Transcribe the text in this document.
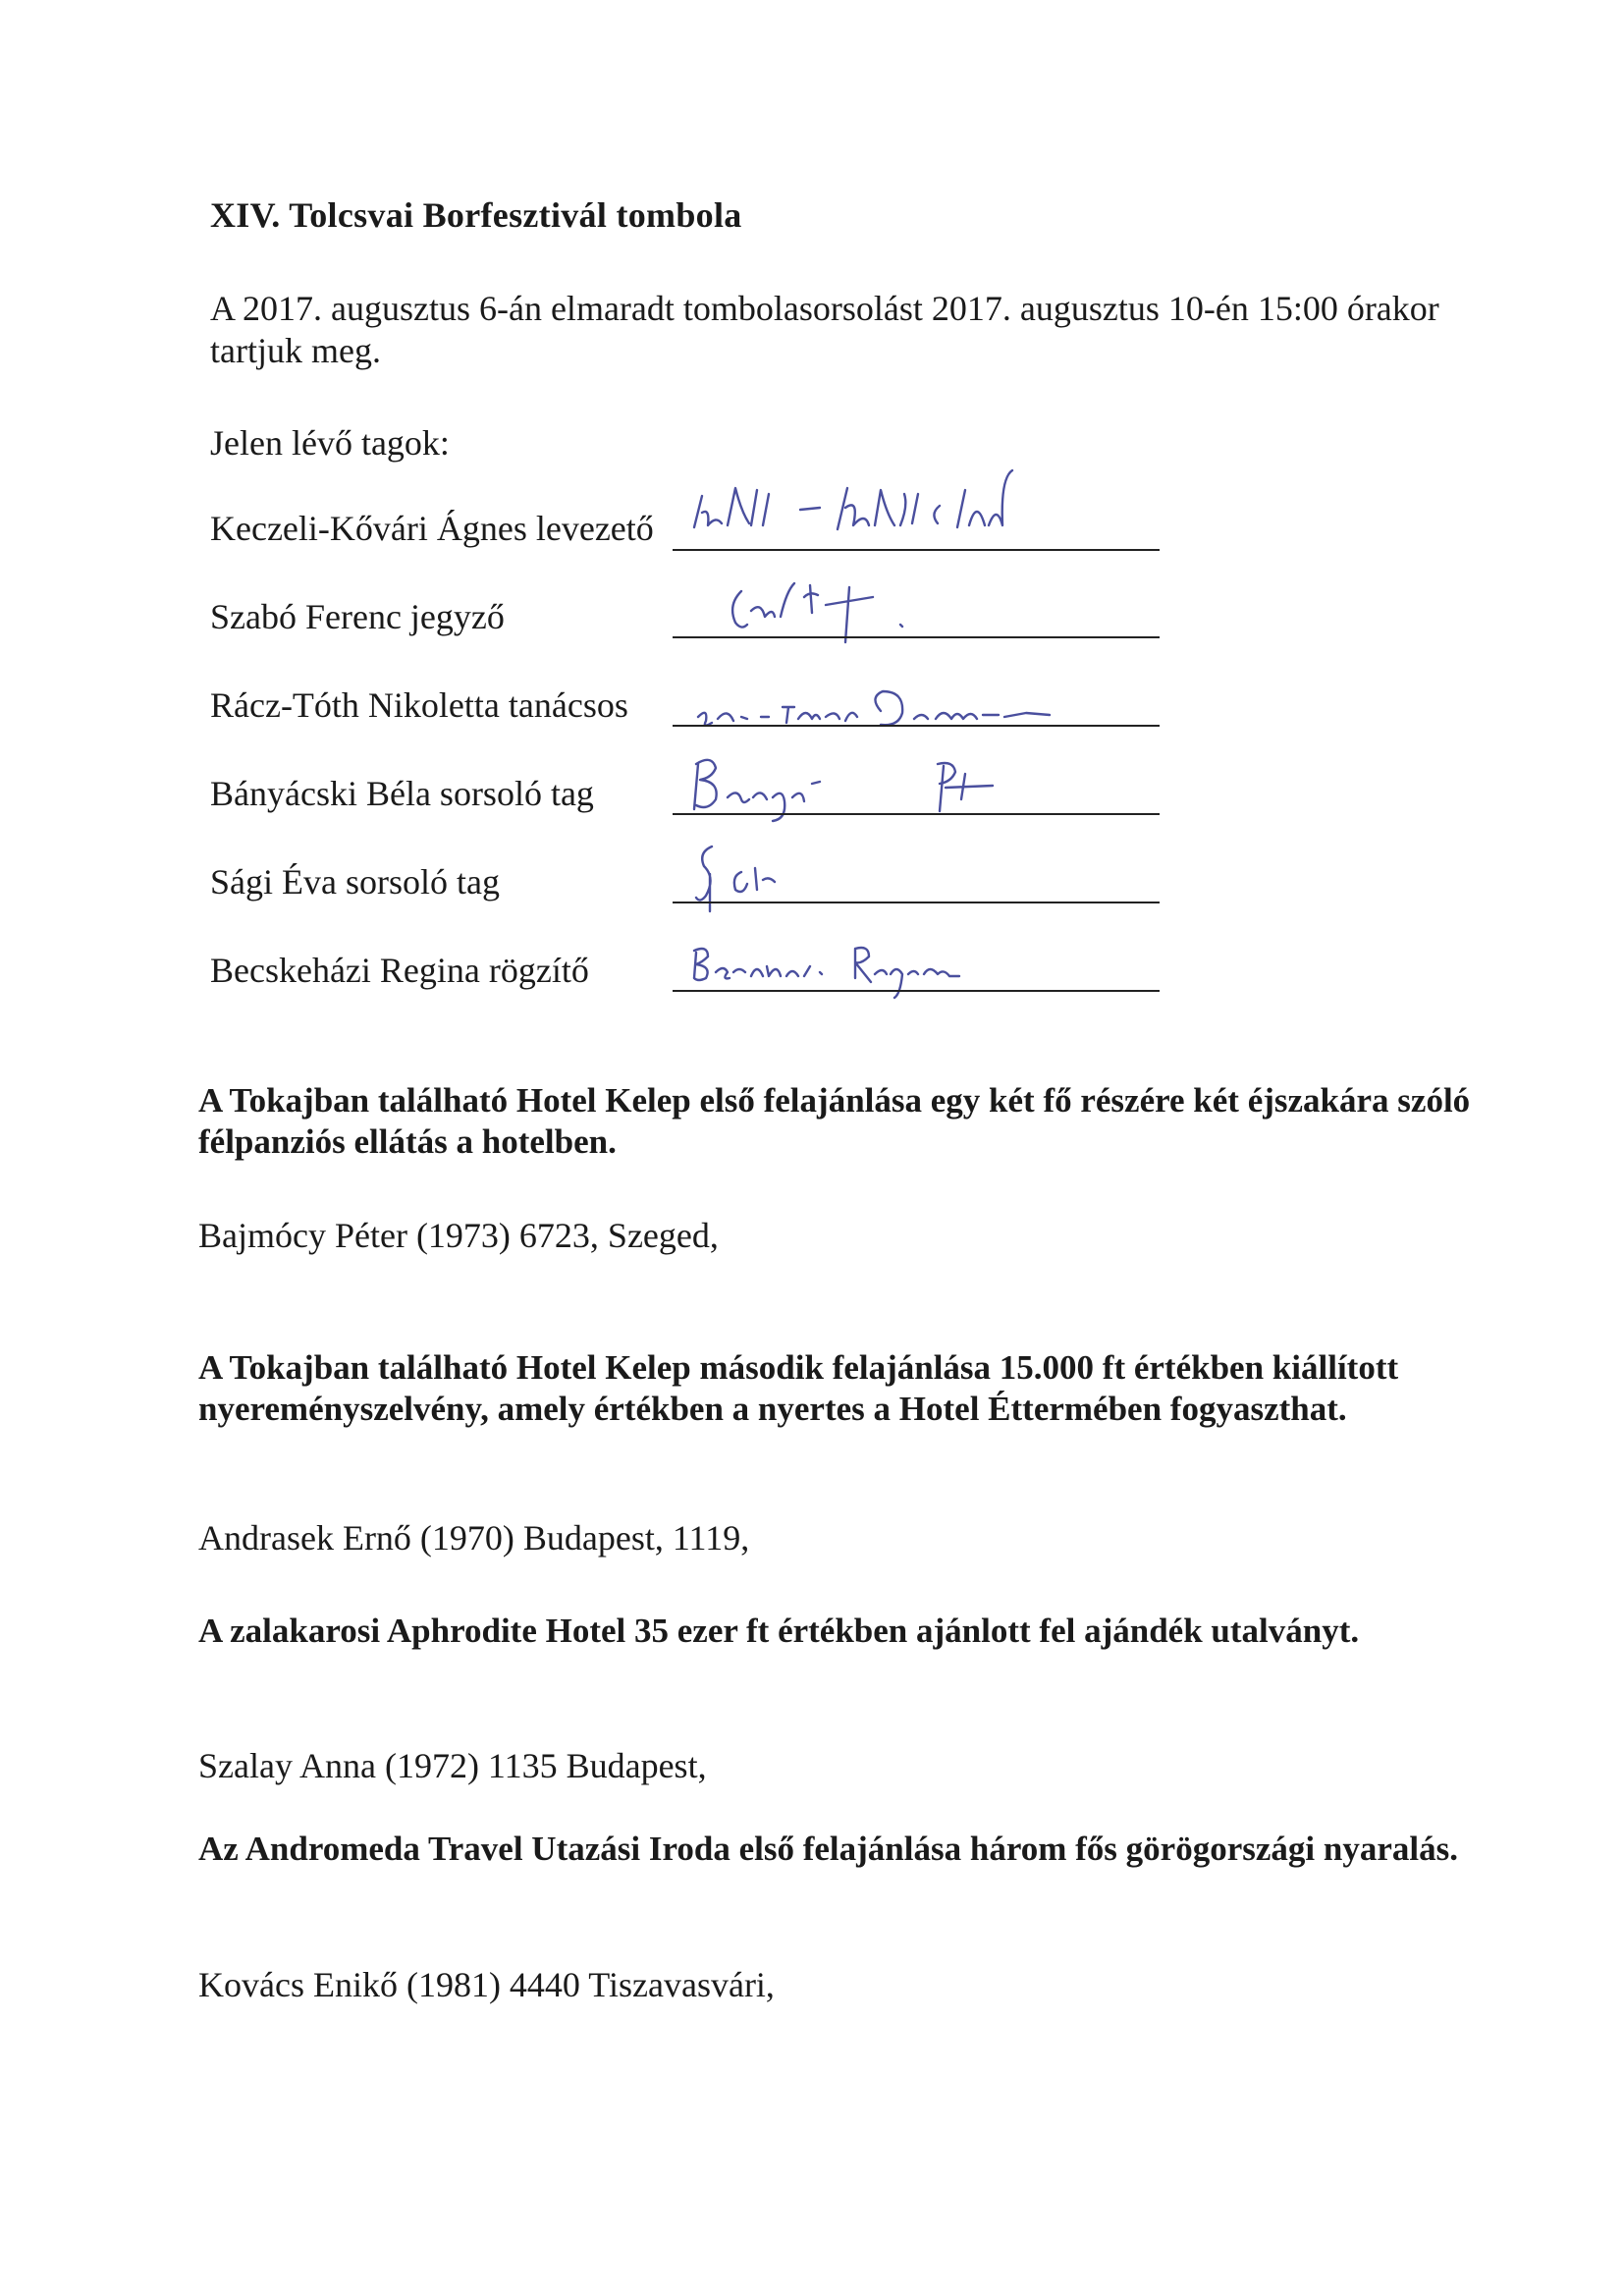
XIV. Tolcsvai Borfesztivál tombola
A 2017. augusztus 6-án elmaradt tombolasorsolást 2017. augusztus 10-én 15:00 órakor tartjuk meg.
Jelen lévő tagok:
Keczeli-Kővári Ágnes levezető
Szabó Ferenc jegyző
Rácz-Tóth Nikoletta tanácsos
Bányácski Béla sorsoló tag
Sági Éva sorsoló tag
Becskeházi Regina rögzítő
A Tokajban található Hotel Kelep első felajánlása egy két fő részére két éjszakára szóló félpanziós ellátás a hotelben.
Bajmócy Péter (1973) 6723, Szeged,
A Tokajban található Hotel Kelep második felajánlása 15.000 ft értékben kiállított nyereményszelvény, amely értékben a nyertes a Hotel Éttermében fogyaszthat.
Andrasek Ernő (1970) Budapest, 1119,
A zalakarosi Aphrodite Hotel 35 ezer ft értékben ajánlott fel ajándék utalványt.
Szalay Anna (1972) 1135 Budapest,
Az Andromeda Travel Utazási Iroda első felajánlása három fős görögországi nyaralás.
Kovács Enikő (1981) 4440 Tiszavasvári,
